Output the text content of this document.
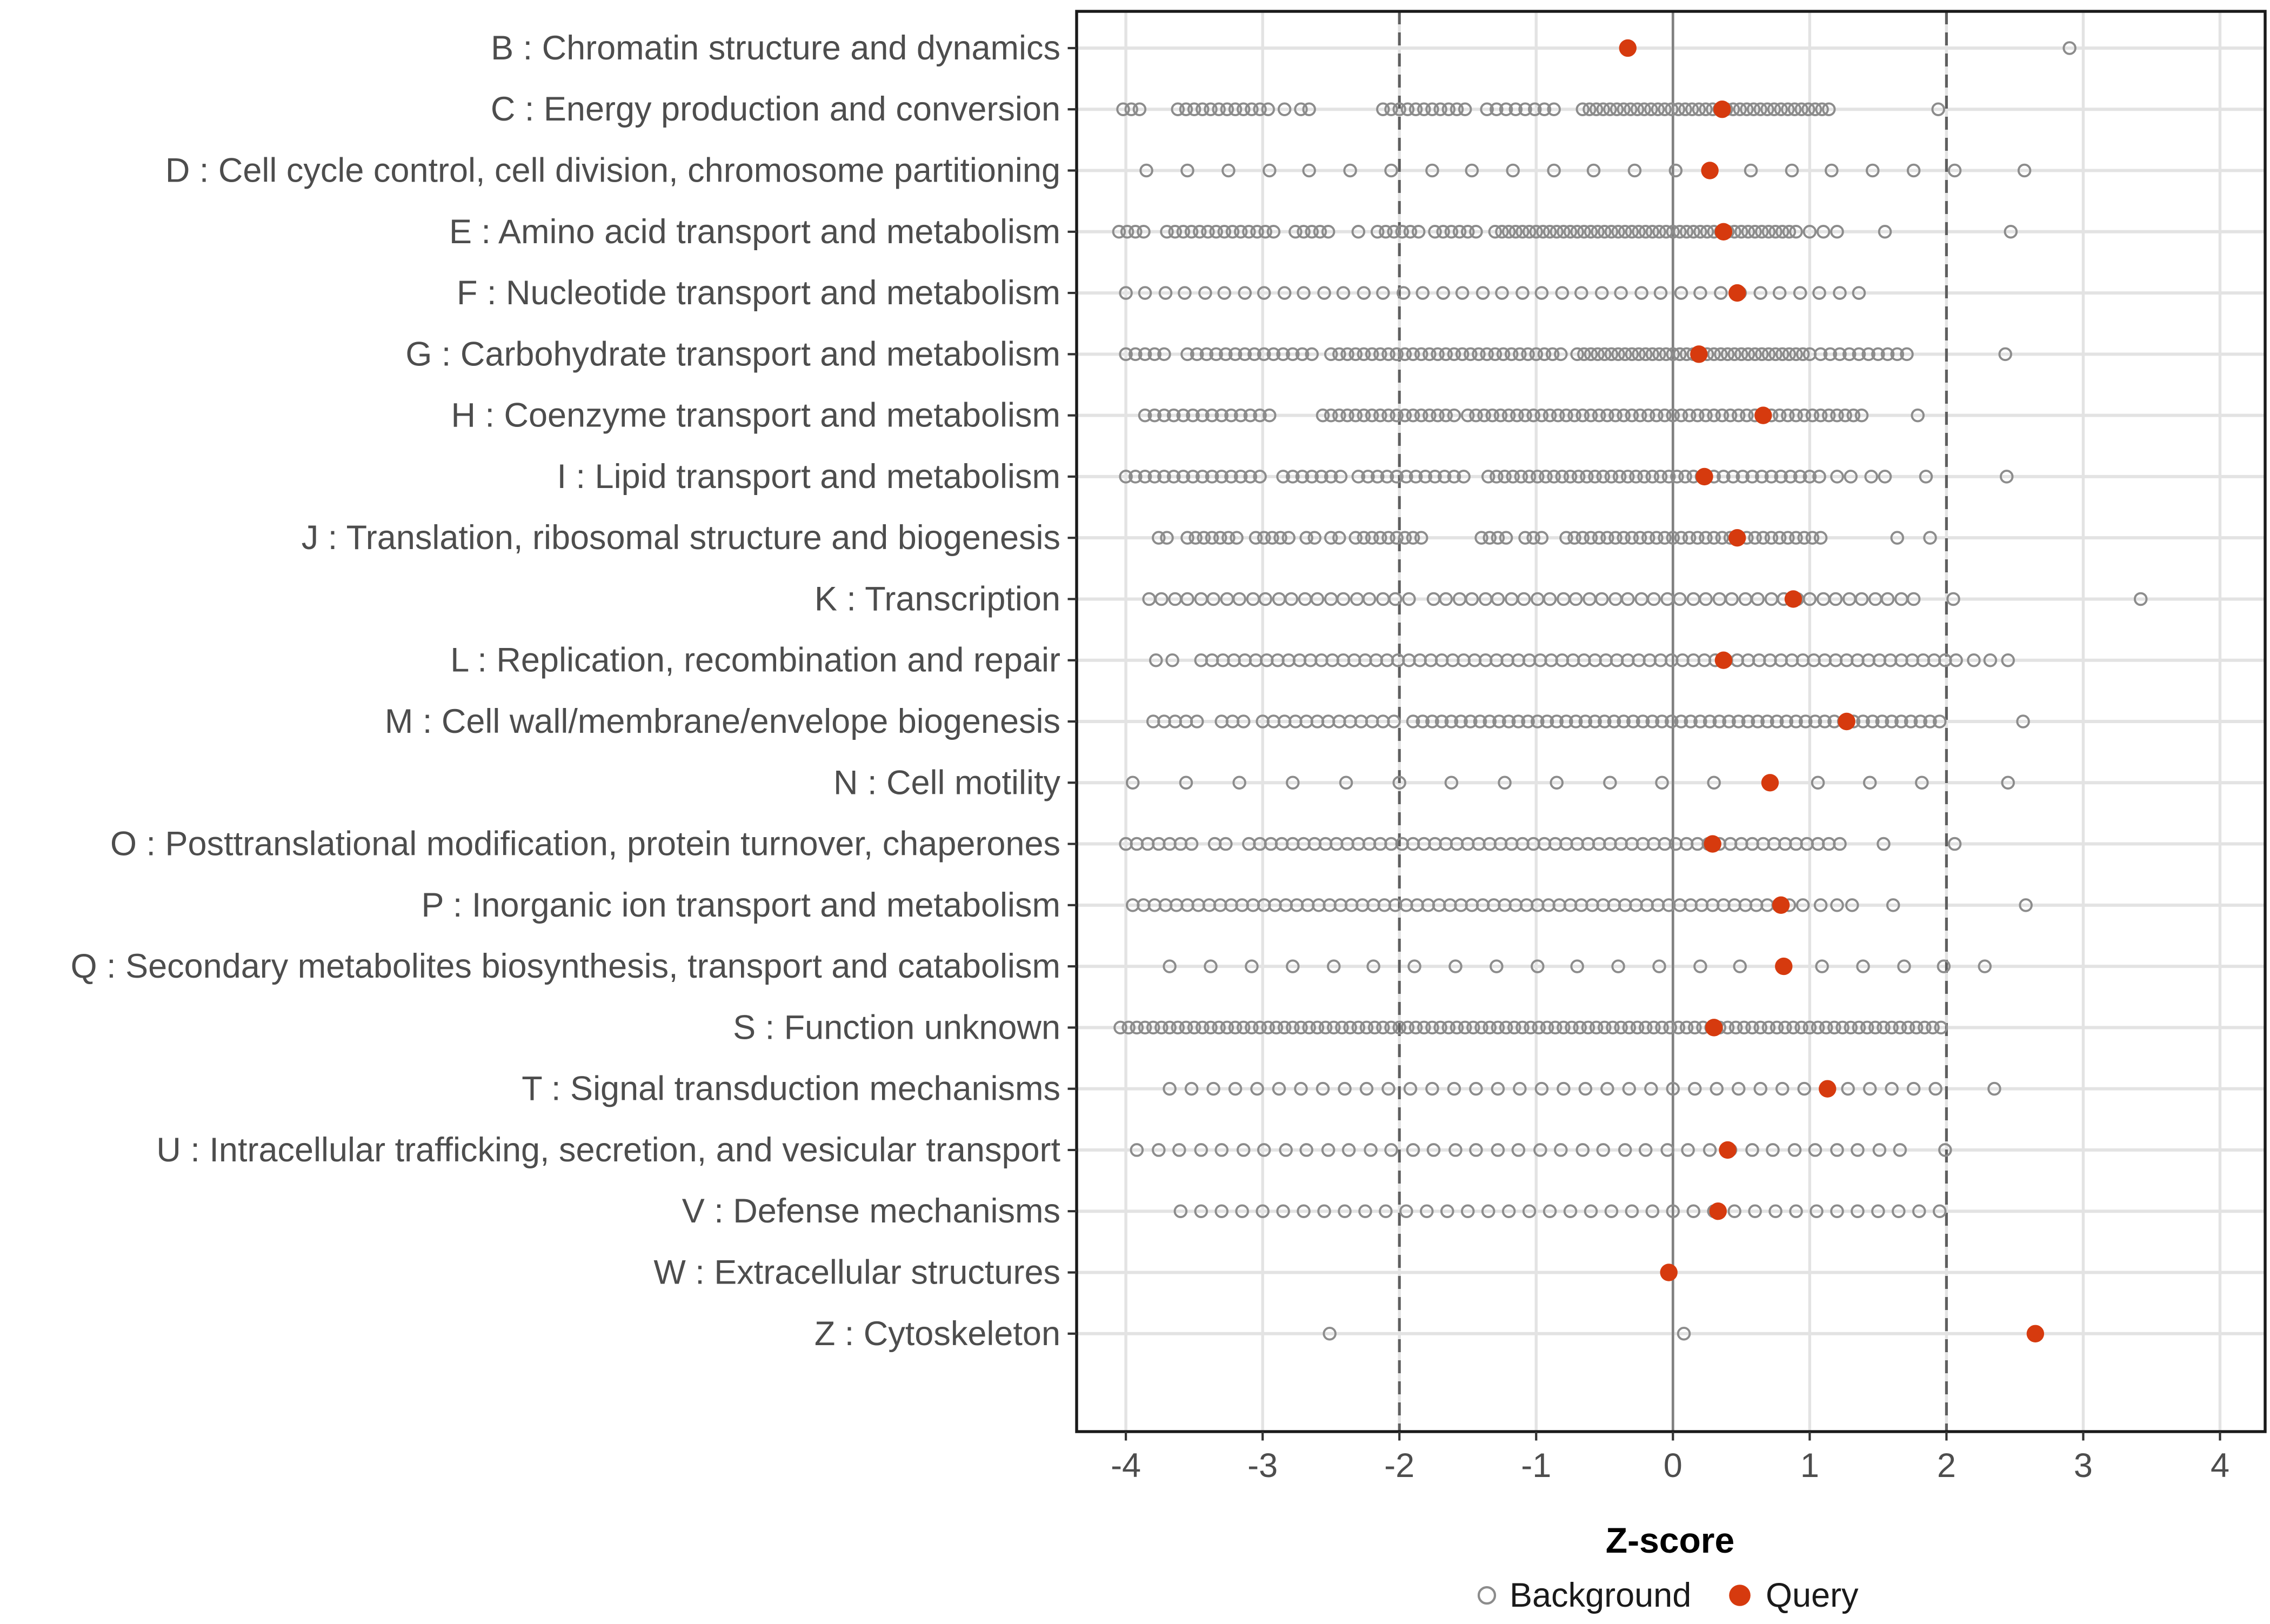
-4	-3	-2	-1	0	1	2	3	4
B : Chromatin structure and dynamics
C : Energy production and conversion
D : Cell cycle control, cell division, chromosome partitioning
E : Amino acid transport and metabolism
F : Nucleotide transport and metabolism
G : Carbohydrate transport and metabolism
H : Coenzyme transport and metabolism
I : Lipid transport and metabolism
J : Translation, ribosomal structure and biogenesis
K : Transcription
L : Replication, recombination and repair
M : Cell wall/membrane/envelope biogenesis
N : Cell motility
O : Posttranslational modification, protein turnover, chaperones
P : Inorganic ion transport and metabolism
Q : Secondary metabolites biosynthesis, transport and catabolism
S : Function unknown
T : Signal transduction mechanisms
U : Intracellular trafficking, secretion, and vesicular transport
V : Defense mechanisms
W : Extracellular structures
Z : Cytoskeleton
Z-score
Background	Query
